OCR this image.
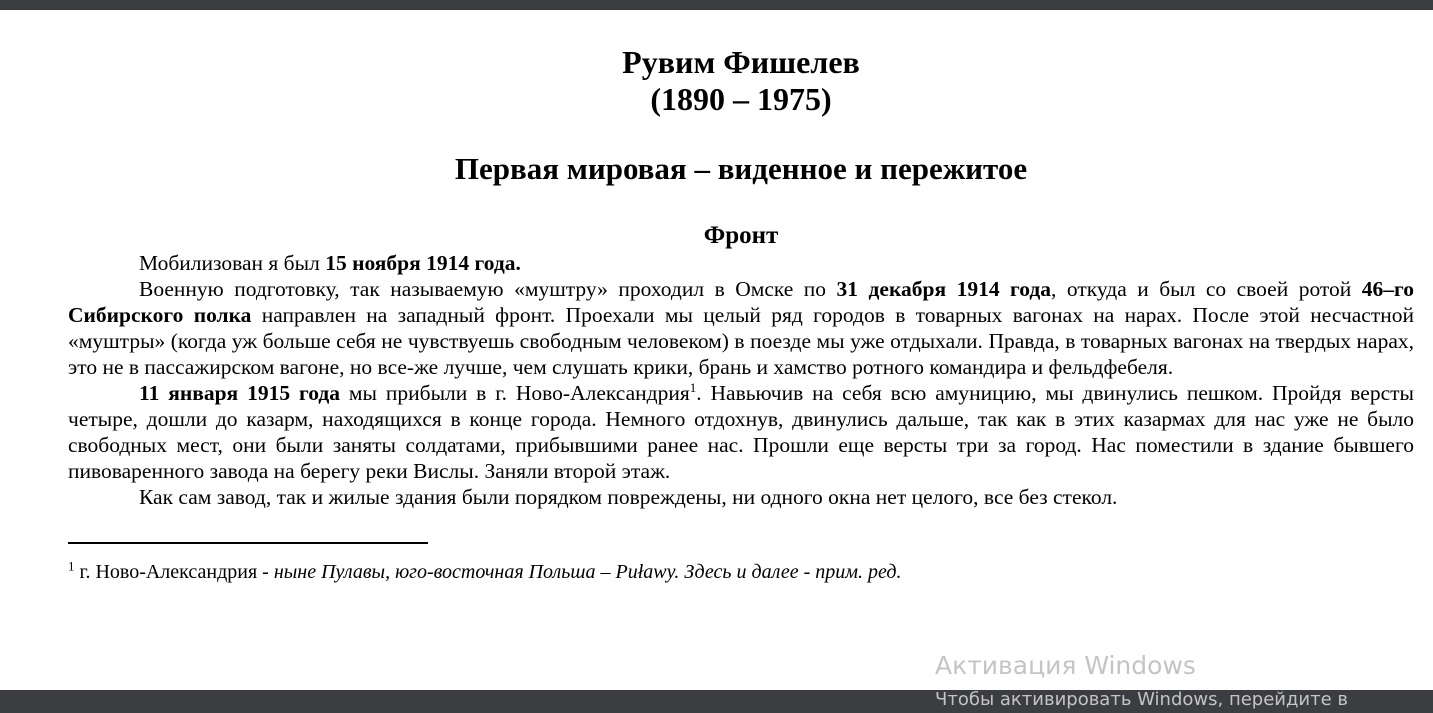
Рувим Фишелев
(1890 – 1975)
Первая мировая – виденное и пережитое
Фронт

Мобилизован я был 15 ноября 1914 года.

Военную подготовку, так называемую «муштру» проходил в Омске по 31 декабря 1914 года, откуда и был со своей ротой 46–го Сибирского полка направлен на западный фронт. Проехали мы целый ряд городов в товарных вагонах на нарах. После этой несчастной «муштры» (когда уж больше себя не чувствуешь свободным человеком) в поезде мы уже отдыхали. Правда, в товарных вагонах на твердых нарах, это не в пассажирском вагоне, но все-же лучше, чем слушать крики, брань и хамство ротного командира и фельдфебеля.

11 января 1915 года мы прибыли в г. Ново-Александрия$^1$. Навьючив на себя всю амуницию, мы двинулись пешком. Пройдя версты четыре, дошли до казарм, находящихся в конце города. Немного отдохнув, двинулись дальше, так как в этих казармах для нас уже не было свободных мест, они были заняты солдатами, прибывшими ранее нас. Прошли еще версты три за город. Нас поместили в здание бывшего пивоваренного завода на берегу реки Вислы. Заняли второй этаж.

Как сам завод, так и жилые здания были порядком повреждены, ни одного окна нет целого, все без стекол.

$^1$ г. Ново-Александрия - ныне Пулавы, юго-восточная Польша – Puławy. Здесь и далее - прим. ред.
Активация Windows
Чтобы активировать Windows, перейдите в
